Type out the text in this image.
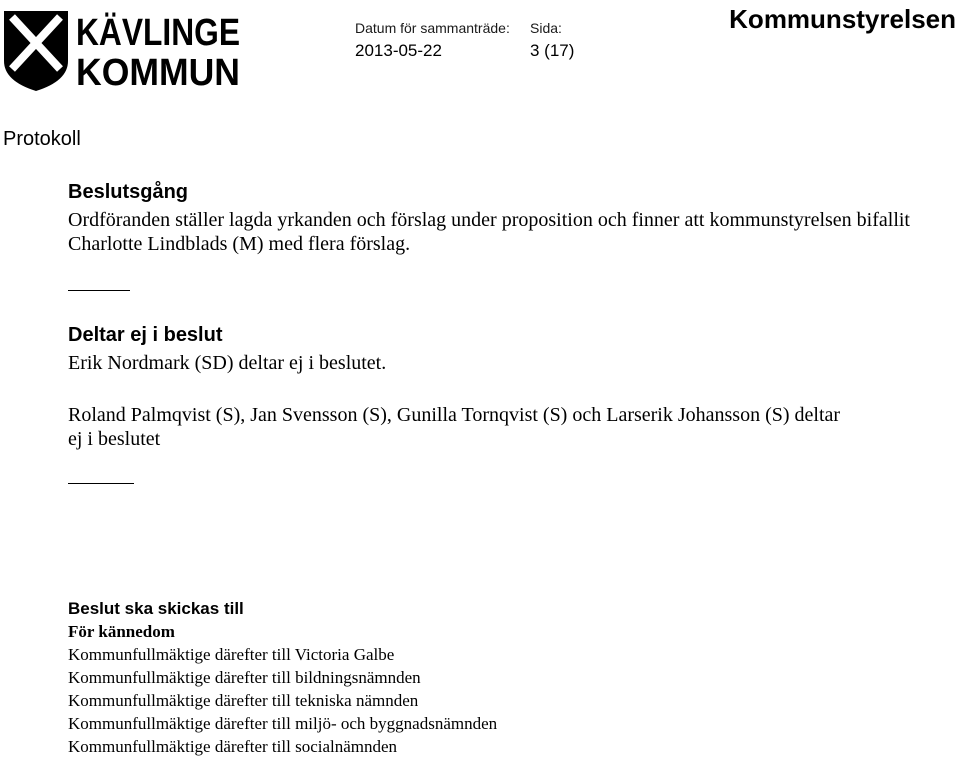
KÄVLINGE
KOMMUN
Datum för sammanträde:
2013-05-22
Sida:
3 (17)
Kommunstyrelsen
Protokoll
Beslutsgång
Ordföranden ställer lagda yrkanden och förslag under proposition och finner att kommunstyrelsen bifallit Charlotte Lindblads (M) med flera förslag.
Deltar ej i beslut
Erik Nordmark (SD) deltar ej i beslutet.
Roland Palmqvist (S), Jan Svensson (S), Gunilla Tornqvist (S) och Larserik Johansson (S) deltar ej i beslutet
Beslut ska skickas till
För kännedom
Kommunfullmäktige därefter till Victoria Galbe
Kommunfullmäktige därefter till bildningsnämnden
Kommunfullmäktige därefter till tekniska nämnden
Kommunfullmäktige därefter till miljö- och byggnadsnämnden
Kommunfullmäktige därefter till socialnämnden
